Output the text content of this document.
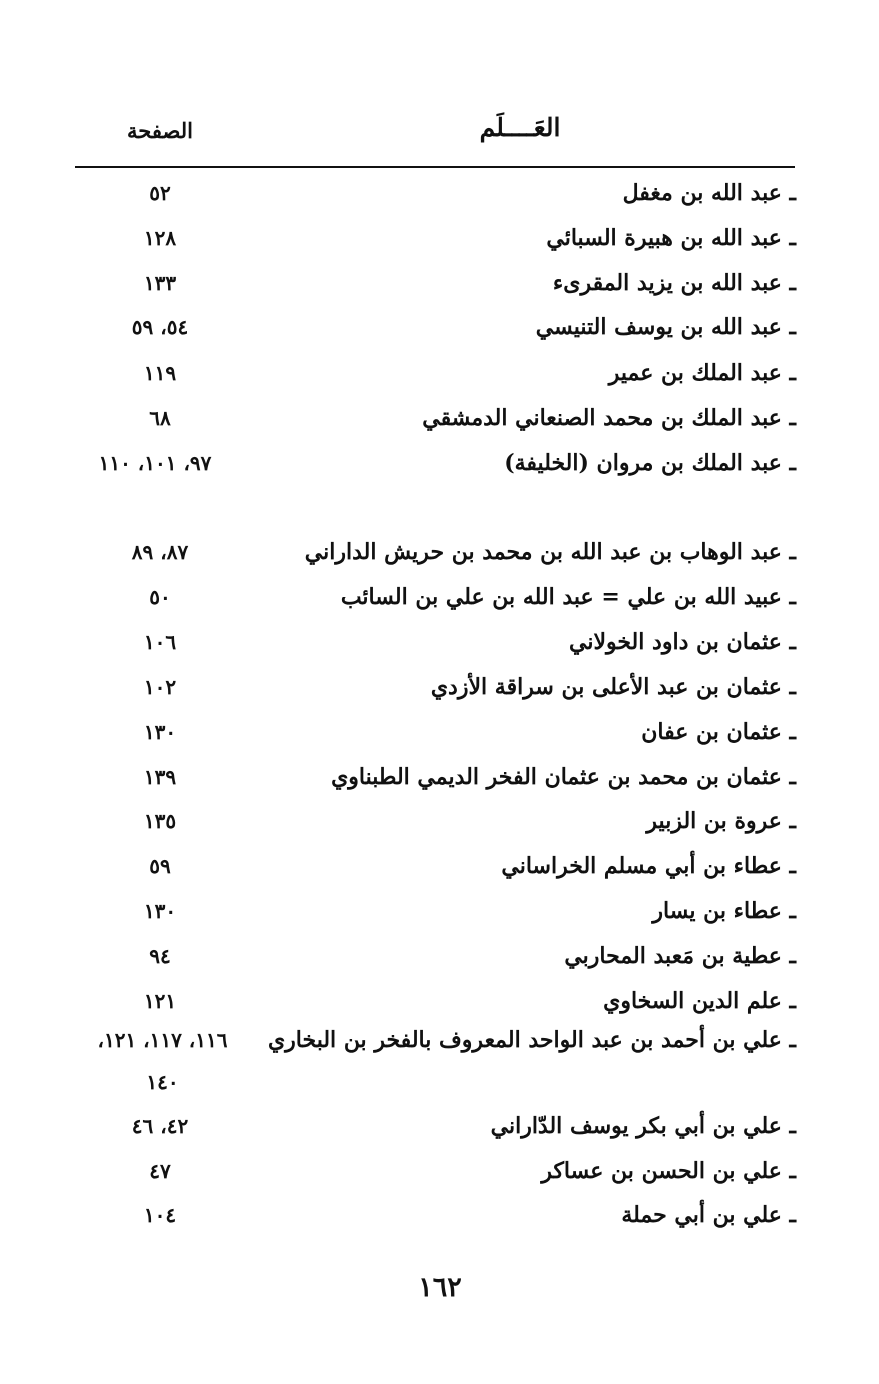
العَــــلَم
الصفحة
ـ عبد الله بن مغفل
٥٢
ـ عبد الله بن هبيرة السبائي
١٢٨
ـ عبد الله بن يزيد المقرىء
١٣٣
ـ عبد الله بن يوسف التنيسي
٥٤، ٥٩
ـ عبد الملك بن عمير
١١٩
ـ عبد الملك بن محمد الصنعاني الدمشقي
٦٨
ـ عبد الملك بن مروان (الخليفة)
٩٧، ١٠١، ١١٠
ـ عبد الوهاب بن عبد الله بن محمد بن حريش الداراني
٨٧، ٨٩
ـ عبيد الله بن علي = عبد الله بن علي بن السائب
٥٠
ـ عثمان بن داود الخولاني
١٠٦
ـ عثمان بن عبد الأعلى بن سراقة الأزدي
١٠٢
ـ عثمان بن عفان
١٣٠
ـ عثمان بن محمد بن عثمان الفخر الديمي الطبناوي
١٣٩
ـ عروة بن الزبير
١٣٥
ـ عطاء بن أبي مسلم الخراساني
٥٩
ـ عطاء بن يسار
١٣٠
ـ عطية بن مَعبد المحاربي
٩٤
ـ علم الدين السخاوي
١٢١
ـ علي بن أحمد بن عبد الواحد المعروف بالفخر بن البخاري
١١٦، ١١٧، ١٢١، ١٤٠
ـ علي بن أبي بكر يوسف الدّاراني
٤٢، ٤٦
ـ علي بن الحسن بن عساكر
٤٧
ـ علي بن أبي حملة
١٠٤
١٦٢
